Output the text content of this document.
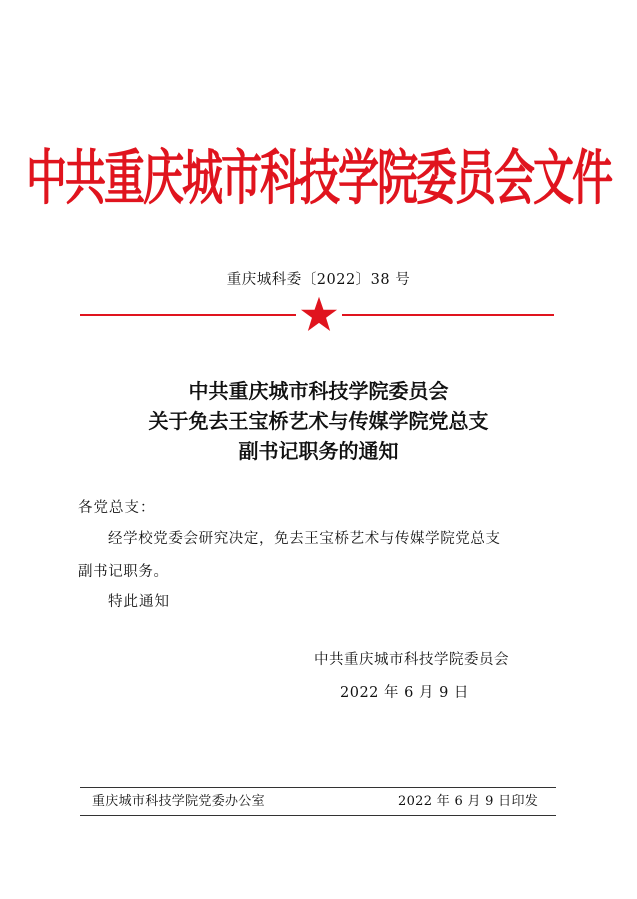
中共重庆城市科技学院委员会文件
重庆城科委〔2022〕38 号
中共重庆城市科技学院委员会
关于免去王宝桥艺术与传媒学院党总支
副书记职务的通知
各党总支：
经学校党委会研究决定，免去王宝桥艺术与传媒学院党总支
副书记职务。
特此通知
中共重庆城市科技学院委员会
2022 年 6 月 9 日
重庆城市科技学院党委办公室	2022 年 6 月 9 日印发
